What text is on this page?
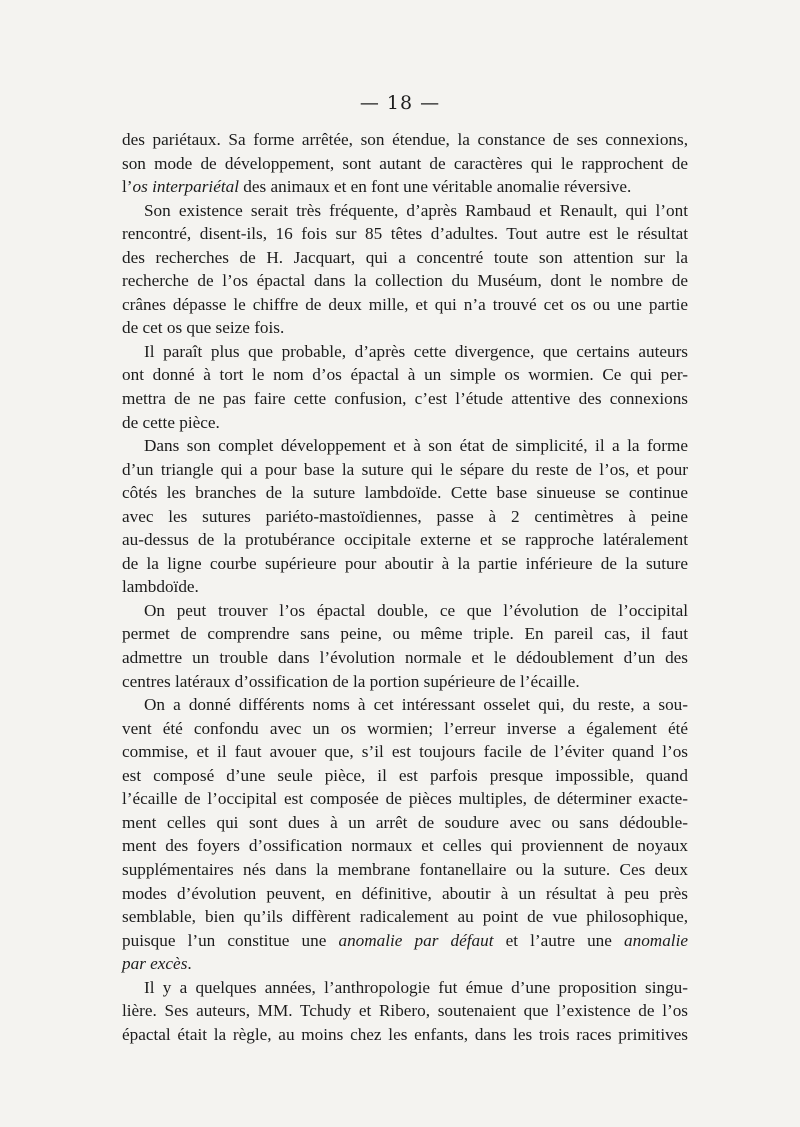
— 18 —
des pariétaux. Sa forme arrêtée, son étendue, la constance de ses connexions,
son mode de développement, sont autant de caractères qui le rapprochent de
l’os interpariétal des animaux et en font une véritable anomalie réversive.
Son existence serait très fréquente, d’après Rambaud et Renault, qui l’ont
rencontré, disent-ils, 16 fois sur 85 têtes d’adultes. Tout autre est le résultat
des recherches de H. Jacquart, qui a concentré toute son attention sur la
recherche de l’os épactal dans la collection du Muséum, dont le nombre de
crânes dépasse le chiffre de deux mille, et qui n’a trouvé cet os ou une partie
de cet os que seize fois.
Il paraît plus que probable, d’après cette divergence, que certains auteurs
ont donné à tort le nom d’os épactal à un simple os wormien. Ce qui per-
mettra de ne pas faire cette confusion, c’est l’étude attentive des connexions
de cette pièce.
Dans son complet développement et à son état de simplicité, il a la forme
d’un triangle qui a pour base la suture qui le sépare du reste de l’os, et pour
côtés les branches de la suture lambdoïde. Cette base sinueuse se continue
avec les sutures pariéto-mastoïdiennes, passe à 2 centimètres à peine
au-dessus de la protubérance occipitale externe et se rapproche latéralement
de la ligne courbe supérieure pour aboutir à la partie inférieure de la suture
lambdoïde.
On peut trouver l’os épactal double, ce que l’évolution de l’occipital
permet de comprendre sans peine, ou même triple. En pareil cas, il faut
admettre un trouble dans l’évolution normale et le dédoublement d’un des
centres latéraux d’ossification de la portion supérieure de l’écaille.
On a donné différents noms à cet intéressant osselet qui, du reste, a sou-
vent été confondu avec un os wormien; l’erreur inverse a également été
commise, et il faut avouer que, s’il est toujours facile de l’éviter quand l’os
est composé d’une seule pièce, il est parfois presque impossible, quand
l’écaille de l’occipital est composée de pièces multiples, de déterminer exacte-
ment celles qui sont dues à un arrêt de soudure avec ou sans dédouble-
ment des foyers d’ossification normaux et celles qui proviennent de noyaux
supplémentaires nés dans la membrane fontanellaire ou la suture. Ces deux
modes d’évolution peuvent, en définitive, aboutir à un résultat à peu près
semblable, bien qu’ils diffèrent radicalement au point de vue philosophique,
puisque l’un constitue une anomalie par défaut et l’autre une anomalie
par excès.
Il y a quelques années, l’anthropologie fut émue d’une proposition singu-
lière. Ses auteurs, MM. Tchudy et Ribero, soutenaient que l’existence de l’os
épactal était la règle, au moins chez les enfants, dans les trois races primitives
